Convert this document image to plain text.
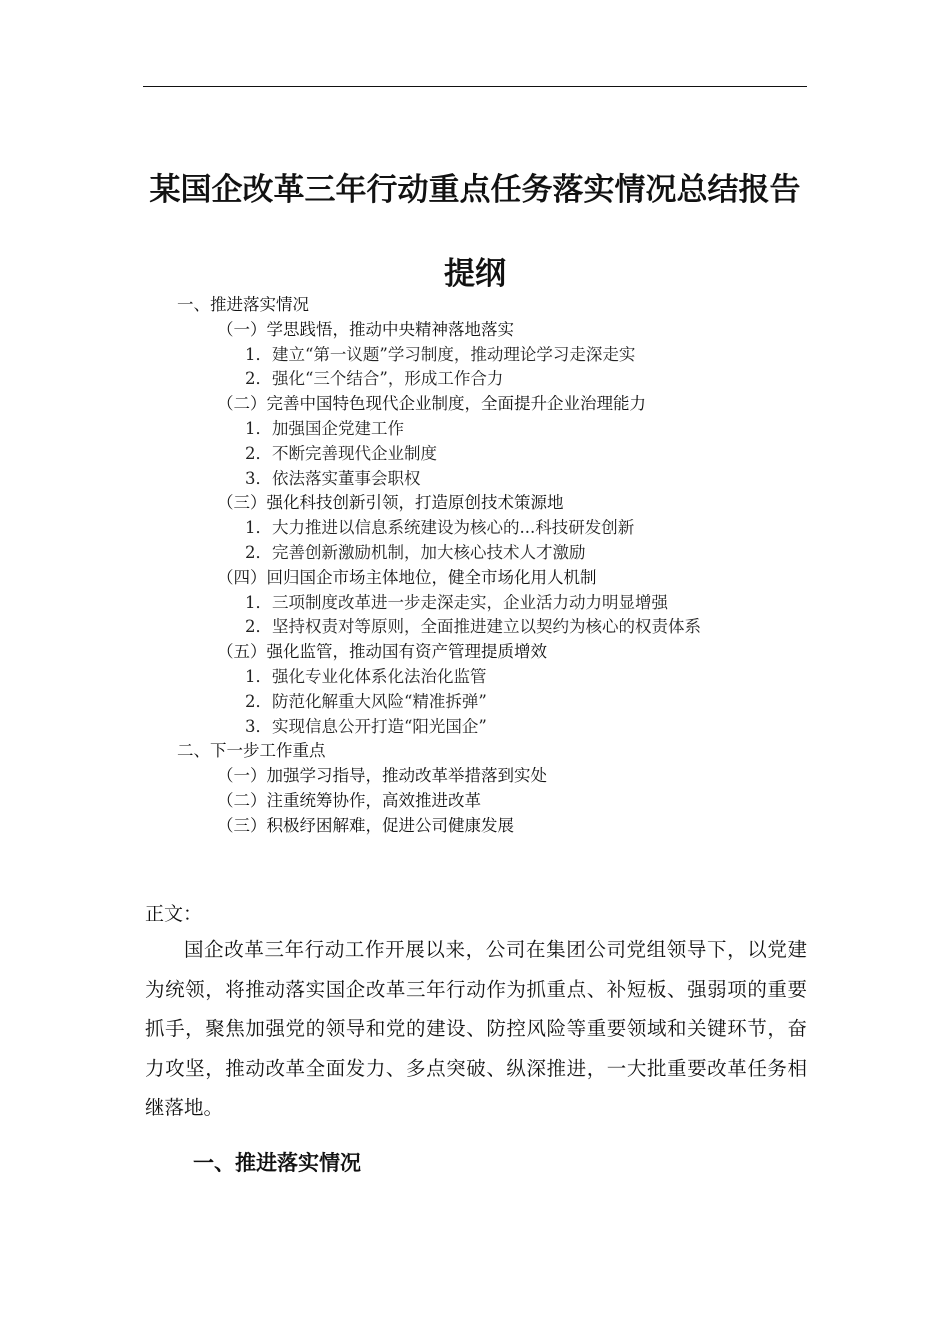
某国企改革三年行动重点任务落实情况总结报告
提纲
一、推进落实情况
（一）学思践悟，推动中央精神落地落实
1．建立“第一议题”学习制度，推动理论学习走深走实
2．强化“三个结合”，形成工作合力
（二）完善中国特色现代企业制度，全面提升企业治理能力
1．加强国企党建工作
2．不断完善现代企业制度
3．依法落实董事会职权
（三）强化科技创新引领，打造原创技术策源地
1．大力推进以信息系统建设为核心的...科技研发创新
2．完善创新激励机制，加大核心技术人才激励
（四）回归国企市场主体地位，健全市场化用人机制
1．三项制度改革进一步走深走实，企业活力动力明显增强
2．坚持权责对等原则，全面推进建立以契约为核心的权责体系
（五）强化监管，推动国有资产管理提质增效
1．强化专业化体系化法治化监管
2．防范化解重大风险“精准拆弹”
3．实现信息公开打造“阳光国企”
二、下一步工作重点
（一）加强学习指导，推动改革举措落到实处
（二）注重统筹协作，高效推进改革
（三）积极纾困解难，促进公司健康发展
正文：

国企改革三年行动工作开展以来，公司在集团公司党组领导下，以党建为统领，将推动落实国企改革三年行动作为抓重点、补短板、强弱项的重要抓手，聚焦加强党的领导和党的建设、防控风险等重要领域和关键环节，奋力攻坚，推动改革全面发力、多点突破、纵深推进，一大批重要改革任务相继落地。

一、推进落实情况
